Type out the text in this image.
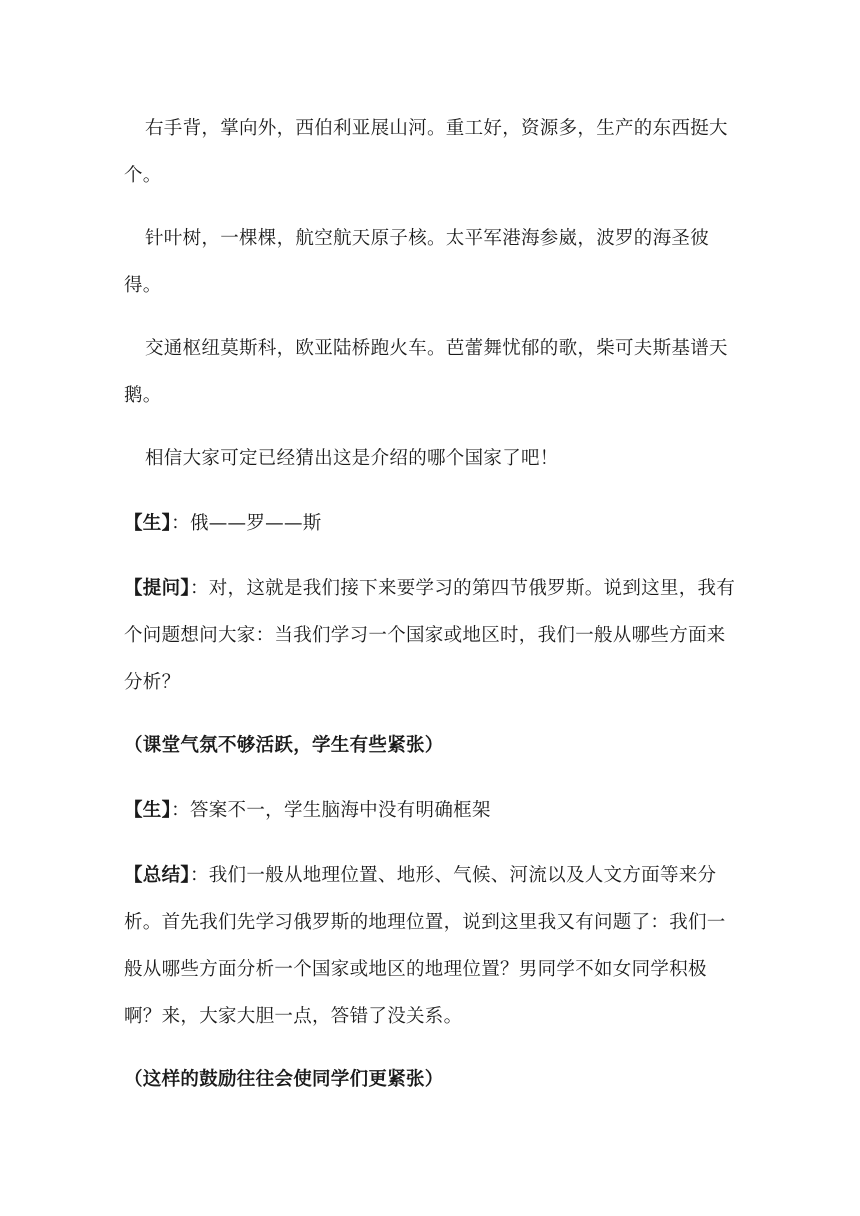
右手背，掌向外，西伯利亚展山河。重工好，资源多，生产的东西挺大个。

针叶树，一棵棵，航空航天原子核。太平军港海参崴，波罗的海圣彼得。

交通枢纽莫斯科，欧亚陆桥跑火车。芭蕾舞忧郁的歌，柴可夫斯基谱天鹅。

相信大家可定已经猜出这是介绍的哪个国家了吧！

【生】：俄——罗——斯

【提问】：对，这就是我们接下来要学习的第四节俄罗斯。说到这里，我有个问题想问大家：当我们学习一个国家或地区时，我们一般从哪些方面来分析？

（课堂气氛不够活跃，学生有些紧张）

【生】：答案不一，学生脑海中没有明确框架

【总结】：我们一般从地理位置、地形、气候、河流以及人文方面等来分析。首先我们先学习俄罗斯的地理位置，说到这里我又有问题了：我们一般从哪些方面分析一个国家或地区的地理位置？男同学不如女同学积极啊？来，大家大胆一点，答错了没关系。

（这样的鼓励往往会使同学们更紧张）
